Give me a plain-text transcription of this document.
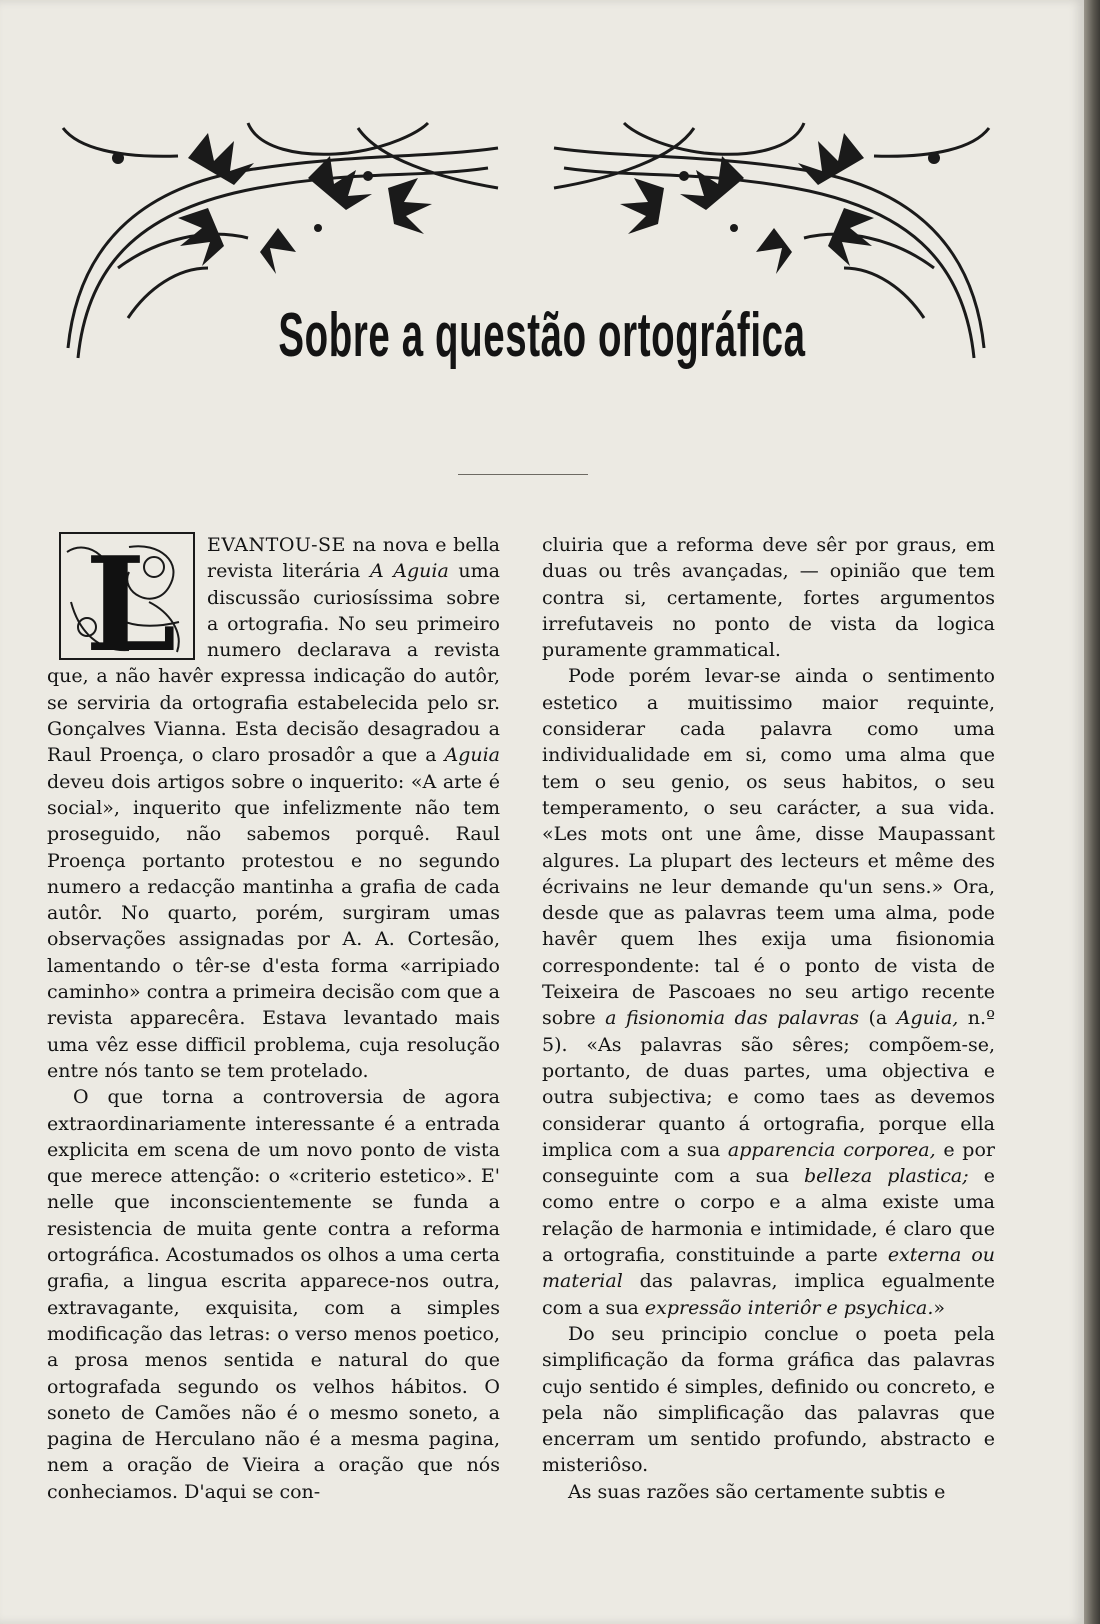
Sobre a questão ortográfica
L	EVANTOU-SE na nova e bella revista literária A Aguia uma discussão curiosíssima sobre a ortografia. No seu primeiro numero declarava a revista que, a não havêr expressa indicação do autôr, se serviria da ortografia estabelecida pelo sr. Gonçalves Vianna. Esta decisão desagradou a Raul Proença, o claro prosadôr a que a Aguia deveu dois artigos sobre o inquerito: «A arte é social», inquerito que infelizmente não tem proseguido, não sabemos porquê. Raul Proença portanto protestou e no segundo numero a redacção mantinha a grafia de cada autôr. No quarto, porém, surgiram umas observações assignadas por A. A. Cortesão, lamentando o têr-se d'esta forma «arripiado caminho» contra a primeira decisão com que a revista apparecêra. Estava levantado mais uma vêz esse difficil problema, cuja resolução entre nós tanto se tem protelado.

O que torna a controversia de agora extraordinariamente interessante é a entrada explicita em scena de um novo ponto de vista que merece attenção: o «criterio estetico». E' nelle que inconscientemente se funda a resistencia de muita gente contra a reforma ortográfica. Acostumados os olhos a uma certa grafia, a lingua escrita apparece-nos outra, extravagante, exquisita, com a simples modificação das letras: o verso menos poetico, a prosa menos sentida e natural do que ortografada segundo os velhos hábitos. O soneto de Camões não é o mesmo soneto, a pagina de Herculano não é a mesma pagina, nem a oração de Vieira a oração que nós conheciamos. D'aqui se con-

cluiria que a reforma deve sêr por graus, em duas ou três avançadas, — opinião que tem contra si, certamente, fortes argumentos irrefutaveis no ponto de vista da logica puramente grammatical.

Pode porém levar-se ainda o sentimento estetico a muitissimo maior requinte, considerar cada palavra como uma individualidade em si, como uma alma que tem o seu genio, os seus habitos, o seu temperamento, o seu carácter, a sua vida. «Les mots ont une âme, disse Maupassant algures. La plupart des lecteurs et même des écrivains ne leur demande qu'un sens.» Ora, desde que as palavras teem uma alma, pode havêr quem lhes exija uma fisionomia correspondente: tal é o ponto de vista de Teixeira de Pascoaes no seu artigo recente sobre a fisionomia das palavras (a Aguia, n.º 5). «As palavras são sêres; compõem-se, portanto, de duas partes, uma objectiva e outra subjectiva; e como taes as devemos considerar quanto á ortografia, porque ella implica com a sua apparencia corporea, e por conseguinte com a sua belleza plastica; e como entre o corpo e a alma existe uma relação de harmonia e intimidade, é claro que a ortografia, constituinde a parte externa ou material das palavras, implica egualmente com a sua expressão interiôr e psychica.»

Do seu principio conclue o poeta pela simplificação da forma gráfica das palavras cujo sentido é simples, definido ou concreto, e pela não simplificação das palavras que encerram um sentido profundo, abstracto e misteriôso.

As suas razões são certamente subtis e
